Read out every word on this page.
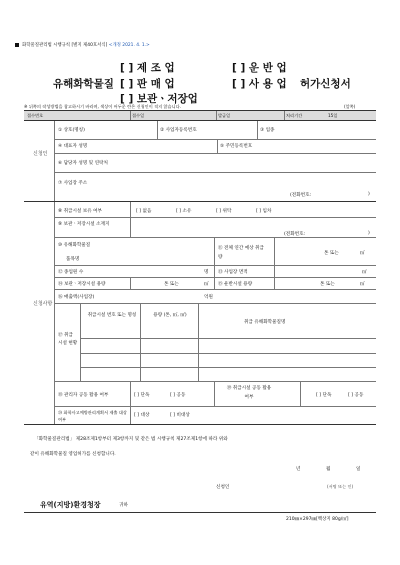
화학물질관리법 시행규칙 [별지 제40호서식] <개정 2021. 4. 1.>
[ ] 제 조 업	[ ] 운 반 업
유해화학물질 [ ] 판 매 업	[ ] 사 용 업 허가신청서
[ ] 보관ㆍ저장업
※ 뒤쪽의 작성방법을 참고하시기 바라며, 색상이 어두운 란은 신청인이 적지 않습니다.	(앞쪽)
접수번호	접수일	발급일	처리기간	15일
신청인
① 상호(명칭)	② 사업자등록번호	③ 업종
④ 대표자 성명	⑤ 주민등록번호
⑥ 담당자 성명 및 연락처
⑦ 사업장 주소
(전화번호:	)
신청사항
⑧ 취급시설 보유 여부	[ ] 없음	[ ] 소유	[ ] 위탁	[ ] 임차
⑨ 보관ㆍ저장시설 소재지
(전화번호:	)
⑩ 유해화학물질
품목명
⑪ 전체 연간 예상 취급량
톤 또는	㎥
⑫ 종업원 수	명 ⑬ 사업장 면적	㎡
⑭ 보관ㆍ저장시설 용량	톤 또는	㎥ ⑮ 운반시설 용량	톤 또는	㎥
⑯ 매출액(사업장)	억원
⑰ 취급 시설 현황
취급시설 번호 또는 명칭	용량 (톤, ㎥, ㎡)
취급 유해화학물질명
⑱ 관리자 공동 활용 여부	[ ] 단독	[ ] 공동
⑲ 취급시설 공동 활용 여부	[ ] 단독	[ ] 공동
⑳ 화학사고예방관리계획서 제출 대상 여부
[ ] 대상	[ ] 비대상
「화학물질관리법」 제28조제1항부터 제3항까지 및 같은 법 시행규칙 제27조제1항에 따라 위와
같이 유해화학물질 영업허가를 신청합니다.
년	월	일
신청인	(서명 또는 인)
유역(지방)환경청장	귀하
210㎜×297㎜[백상지 80g/㎡]
